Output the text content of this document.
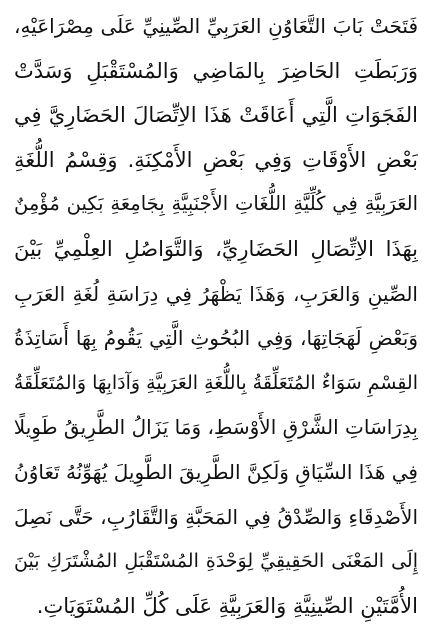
فَتَحَتْ بَابَ التَّعَاوُنِ العَرَبِيِّ الصِّينِيِّ عَلَى مِصْرَاعَيْهِ،
وَرَبَطَتِ الحَاضِرَ بِالمَاضِي وَالمُسْتَقْبَلِ وَسَدَّتْ
الفَجَوَاتِ الَّتِي أَعَاقَتْ هَذَا الاِتِّصَالَ الحَضَارِيَّ فِي
بَعْضِ الأَوْقَاتِ وَفِي بَعْضِ الأَمْكِنَةِ. وَقِسْمُ اللُّغَةِ
العَرَبِيَّةِ فِي كُلِّيَّةِ اللُّغَاتِ الأَجْنَبِيَّةِ بِجَامِعَةِ بَكِين مُؤْمِنٌ
بِهَذَا الاِتِّصَالِ الحَضَارِيِّ، وَالتَّوَاصُلِ العِلْمِيِّ بَيْنَ
الصِّينِ وَالعَرَبِ، وَهَذَا يَظْهَرُ فِي دِرَاسَةِ لُغَةِ العَرَبِ
وَبَعْضِ لَهَجَاتِهَا، وَفِي البُحُوثِ الَّتِي يَقُومُ بِهَا أَسَاتِذَةُ
القِسْمِ سَوَاءٌ المُتَعَلِّقَةُ بِاللُّغَةِ العَرَبِيَّةِ وَآدَابِهَا وَالمُتَعَلِّقَةُ
بِدِرَاسَاتِ الشَّرْقِ الأَوْسَطِ، وَمَا يَزَالُ الطَّرِيقُ طَوِيلًا
فِي هَذَا السِّيَاقِ وَلَكِنَّ الطَّرِيقَ الطَّوِيلَ يُهَوِّنُهُ تَعَاوُنُ
الأَصْدِقَاءِ وَالصِّدْقُ فِي المَحَبَّةِ وَالتَّقَارُبِ، حَتَّى نَصِلَ
إِلَى المَعْنَى الحَقِيقِيِّ لِوَحْدَةِ المُسْتَقْبَلِ المُشْتَرَكِ بَيْنَ
الأُمَّتَيْنِ الصِّينِيَّةِ وَالعَرَبِيَّةِ عَلَى كُلِّ المُسْتَوَيَاتِ.
